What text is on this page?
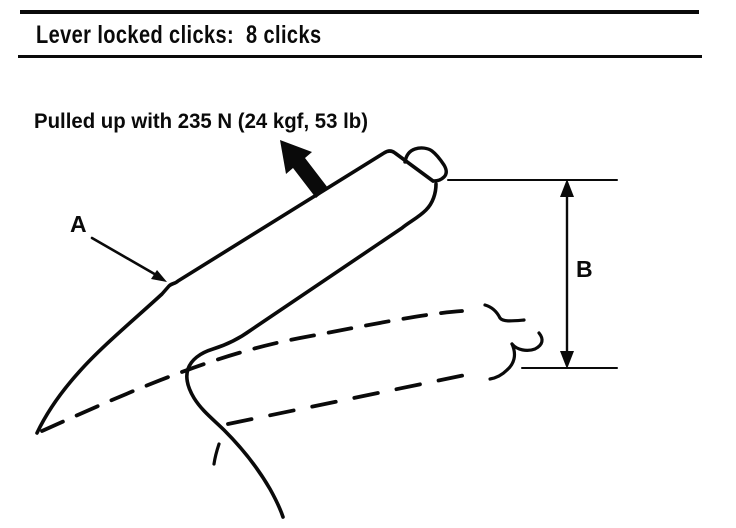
Lever locked clicks:  8 clicks
Pulled up with 235 N (24 kgf, 53 lb)
B
A
